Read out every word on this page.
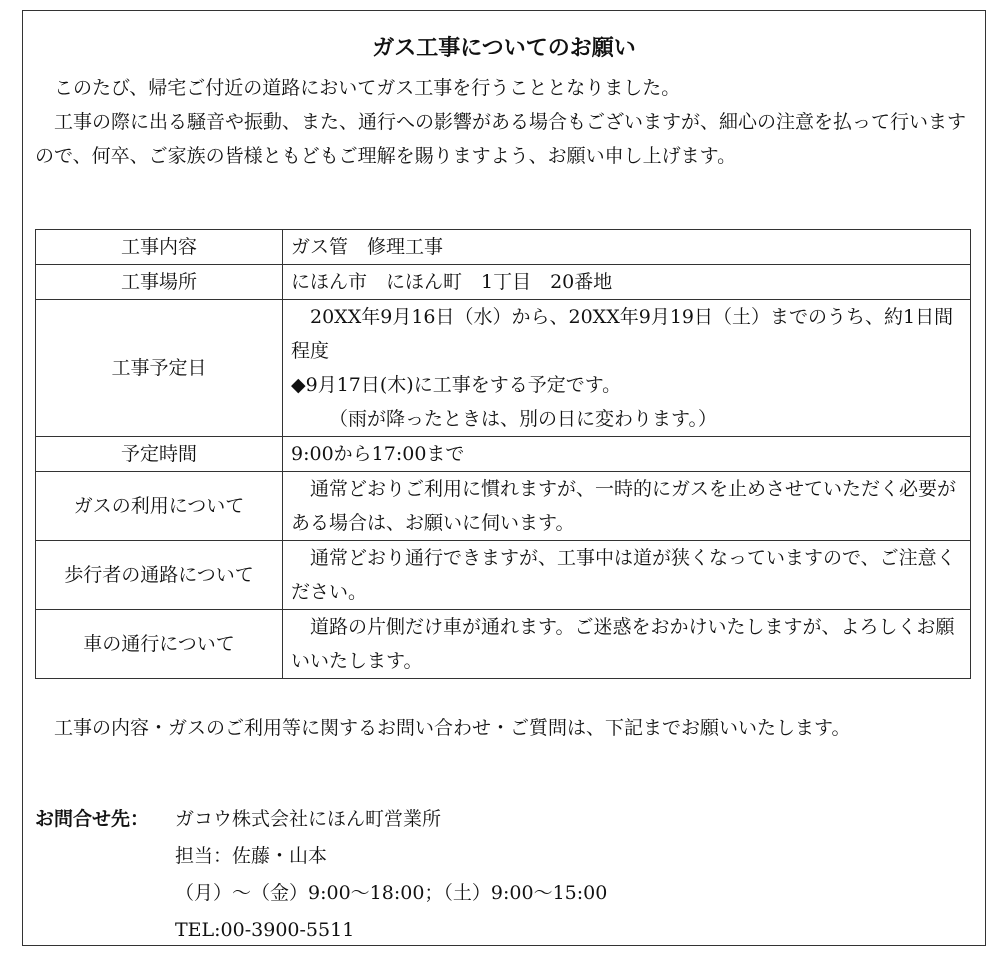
ガス工事についてのお願い

このたび、帰宅ご付近の道路においてガス工事を行うこととなりました。

工事の際に出る騒音や振動、また、通行への影響がある場合もございますが、細心の注意を払って行いますので、何卒、ご家族の皆様ともどもご理解を賜りますよう、お願い申し上げます。

工事内容	ガス管　修理工事
工事場所	にほん市　にほん町　1丁目　20番地
工事予定日	20XX年9月16日（水）から、20XX年9月19日（土）までのうち、約1日間程度
◆9月17日(木)に工事をする予定です。
（雨が降ったときは、別の日に変わります。）

予定時間	9:00から17:00まで
ガスの利用について	通常どおりご利用に慣れますが、一時的にガスを止めさせていただく必要がある場合は、お願いに伺います。

歩行者の通路について	通常どおり通行できますが、工事中は道が狭くなっていますので、ご注意ください。

車の通行について	道路の片側だけ車が通れます。ご迷惑をおかけいたしますが、よろしくお願いいたします。

工事の内容・ガスのご利用等に関するお問い合わせ・ご質問は、下記までお願いいたします。

お問合せ先：	ガコウ株式会社にほん町営業所
担当：佐藤・山本
（月）～（金）9:00～18:00；（土）9:00～15:00
TEL:00-3900-5511
